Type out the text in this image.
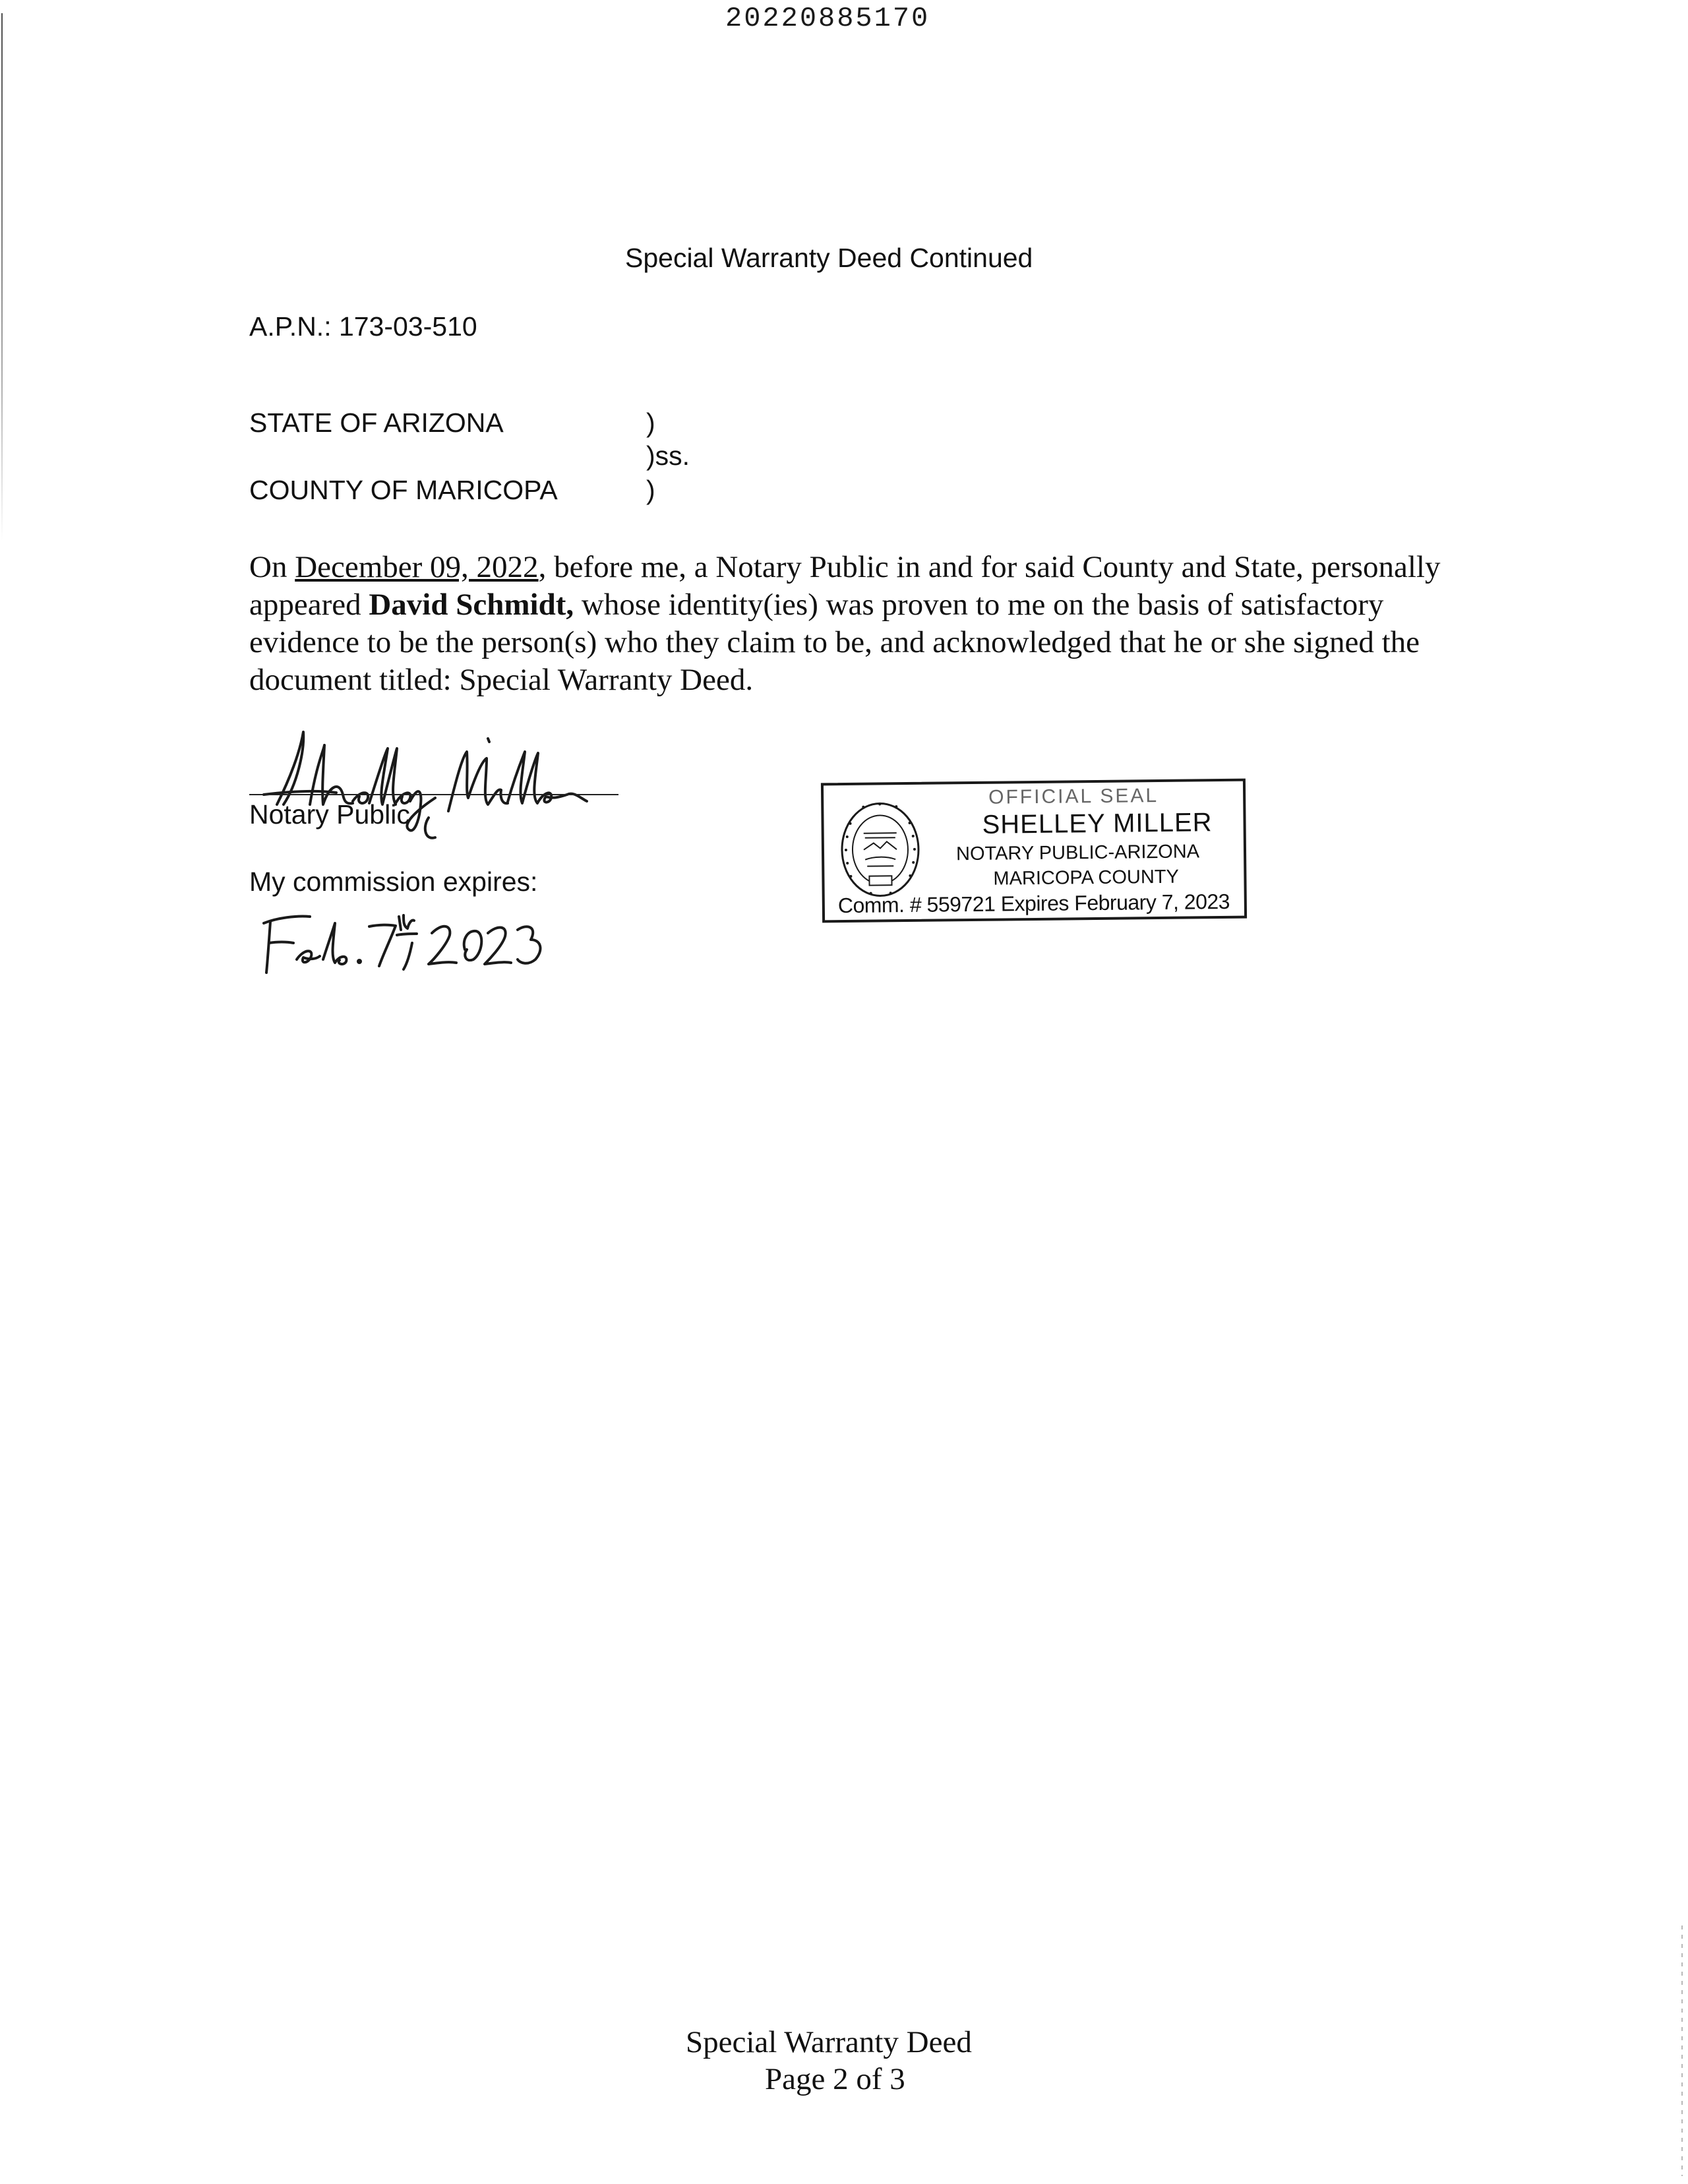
20220885170
Special Warranty Deed Continued
A.P.N.: 173-03-510
STATE OF ARIZONA
COUNTY OF MARICOPA
)
)ss.
)
On December 09, 2022, before me, a Notary Public in and for said County and State, personally appeared David Schmidt, whose identity(ies) was proven to me on the basis of satisfactory evidence to be the person(s) who they claim to be, and acknowledged that he or she signed the document titled: Special Warranty Deed.
Notary Public
My commission expires:
OFFICIAL SEAL
SHELLEY MILLER
NOTARY PUBLIC-ARIZONA
MARICOPA COUNTY
Comm. # 559721 Expires February 7, 2023
Special Warranty Deed
Page 2 of 3
